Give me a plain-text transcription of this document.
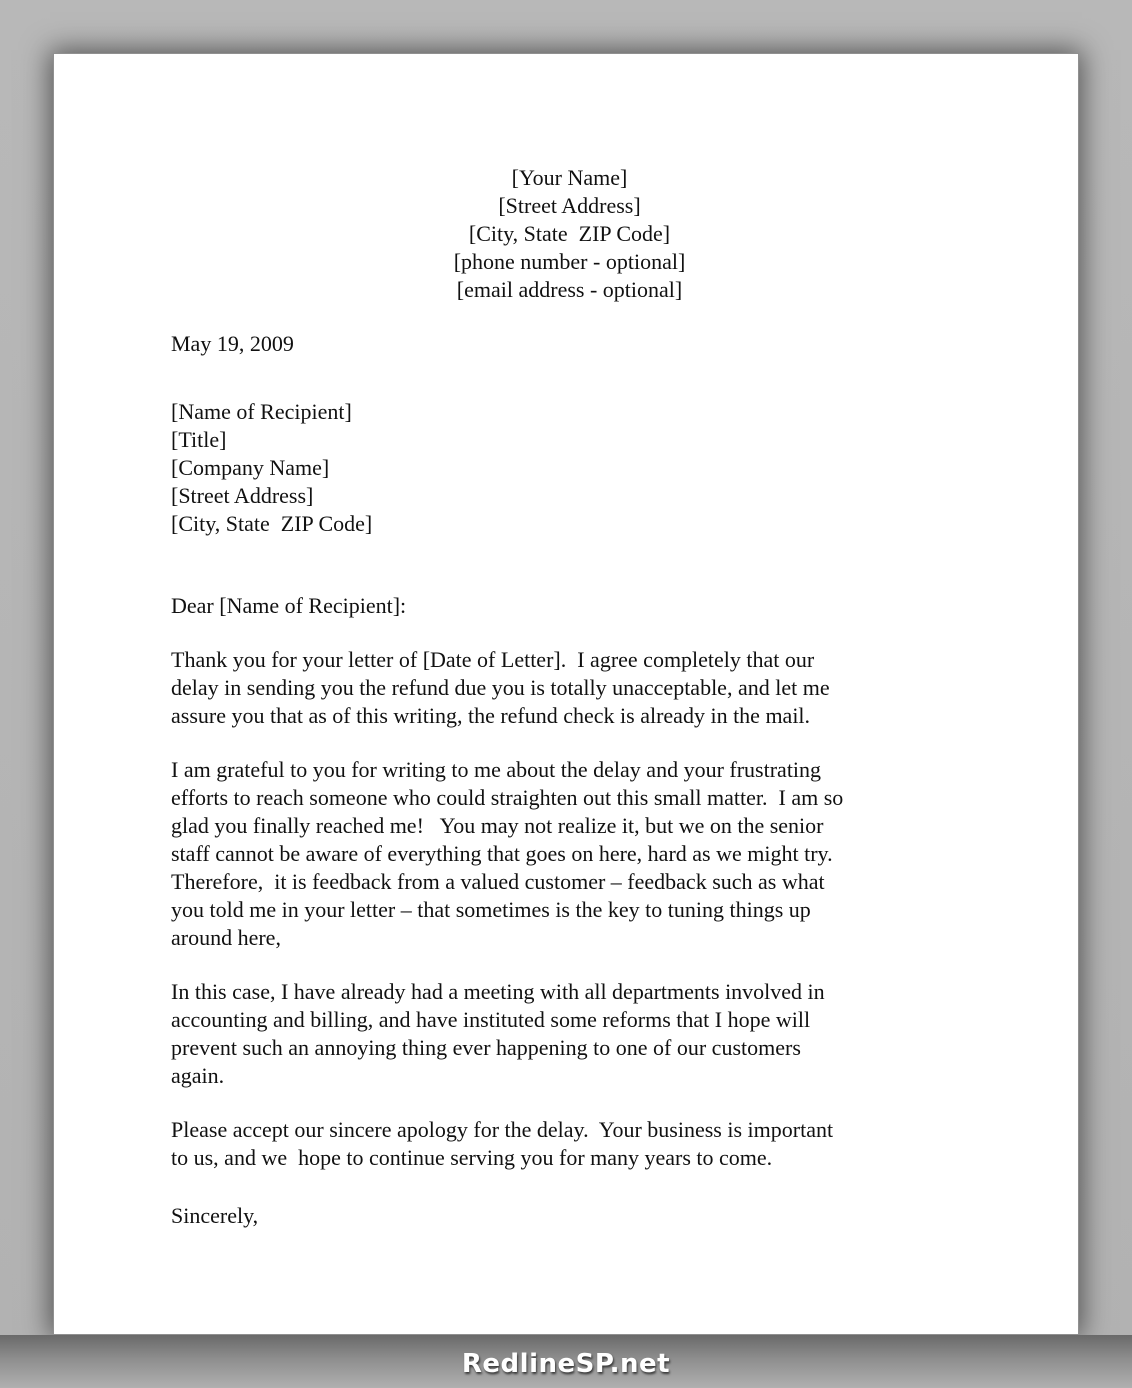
[Your Name]
[Street Address]
[City, State  ZIP Code]
[phone number - optional]
[email address - optional]
May 19, 2009
[Name of Recipient]
[Title]
[Company Name]
[Street Address]
[City, State  ZIP Code]
Dear [Name of Recipient]:
Thank you for your letter of [Date of Letter].  I agree completely that our
delay in sending you the refund due you is totally unacceptable, and let me
assure you that as of this writing, the refund check is already in the mail.
I am grateful to you for writing to me about the delay and your frustrating
efforts to reach someone who could straighten out this small matter.  I am so
glad you finally reached me!   You may not realize it, but we on the senior
staff cannot be aware of everything that goes on here, hard as we might try.
Therefore,  it is feedback from a valued customer – feedback such as what
you told me in your letter – that sometimes is the key to tuning things up
around here,
In this case, I have already had a meeting with all departments involved in
accounting and billing, and have instituted some reforms that I hope will
prevent such an annoying thing ever happening to one of our customers
again.
Please accept our sincere apology for the delay.  Your business is important
to us, and we  hope to continue serving you for many years to come.
Sincerely,
RedlineSP.net
